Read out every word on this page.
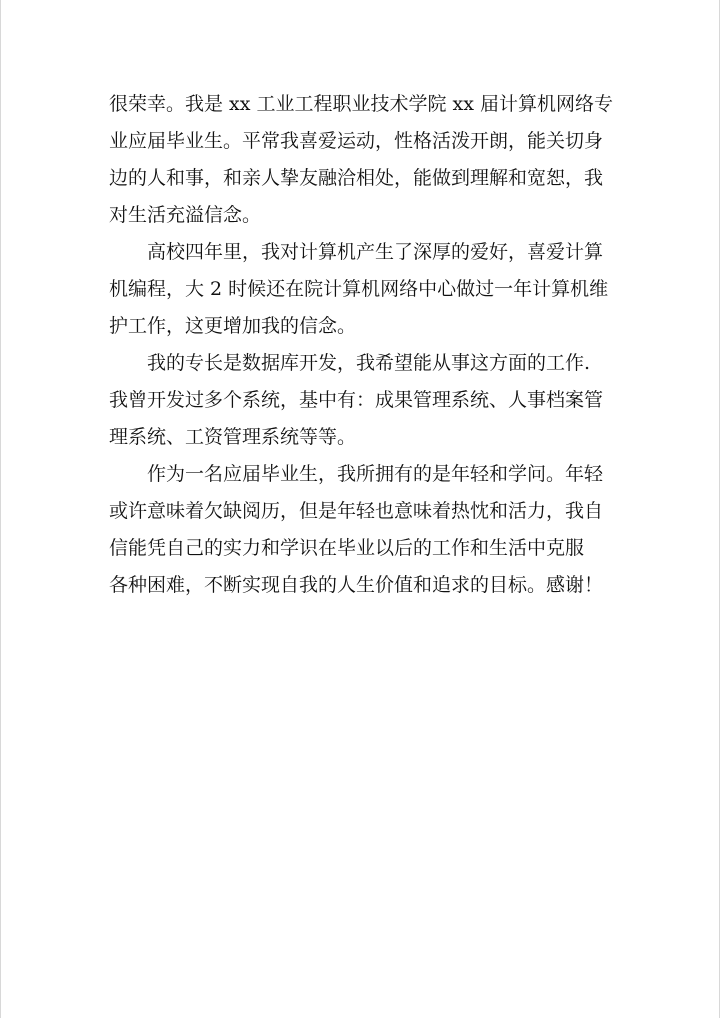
很荣幸。我是 xx 工业工程职业技术学院 xx 届计算机网络专
业应届毕业生。平常我喜爱运动，性格活泼开朗，能关切身
边的人和事，和亲人挚友融洽相处，能做到理解和宽恕，我
对生活充溢信念。

高校四年里，我对计算机产生了深厚的爱好，喜爱计算
机编程，大 2 时候还在院计算机网络中心做过一年计算机维
护工作，这更增加我的信念。

我的专长是数据库开发，我希望能从事这方面的工作.
我曾开发过多个系统，基中有：成果管理系统、人事档案管
理系统、工资管理系统等等。

作为一名应届毕业生，我所拥有的是年轻和学问。年轻
或许意味着欠缺阅历，但是年轻也意味着热忱和活力，我自
信能凭自己的实力和学识在毕业以后的工作和生活中克服
各种困难，不断实现自我的人生价值和追求的目标。感谢！
